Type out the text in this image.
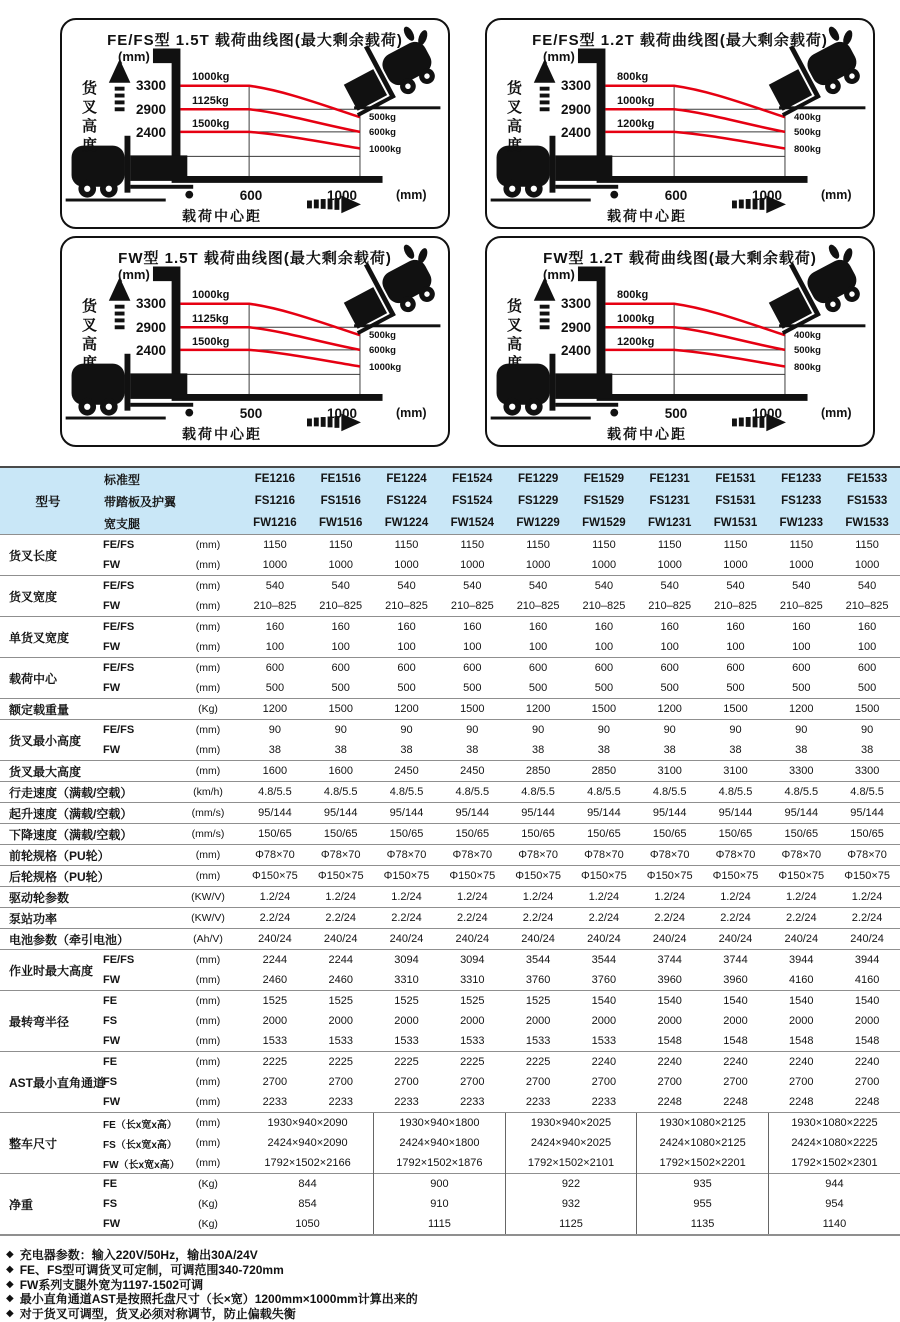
FE/FS型 1.5T 载荷曲线图(最大剩余载荷)
货叉高度
(mm)
3300
2900
2400
1000kg
1125kg
1500kg
500kg
600kg
1000kg
600	1000	(mm)
载荷中心距
FE/FS型 1.2T 载荷曲线图(最大剩余载荷)
货叉高度
(mm)
3300
2900
2400
800kg
1000kg
1200kg
400kg
500kg
800kg
600	1000	(mm)
载荷中心距
FW型 1.5T 载荷曲线图(最大剩余载荷)
货叉高度
(mm)
3300
2900
2400
1000kg
1125kg
1500kg
500kg
600kg
1000kg
500	1000	(mm)
载荷中心距
FW型 1.2T 载荷曲线图(最大剩余载荷)
货叉高度
(mm)
3300
2900
2400
800kg
1000kg
1200kg
400kg
500kg
800kg
500	1000	(mm)
载荷中心距
型号	标准型		FE1216	FE1516	FE1224	FE1524	FE1229	FE1529	FE1231	FE1531	FE1233	FE1533
	带踏板及护翼		FS1216	FS1516	FS1224	FS1524	FS1229	FS1529	FS1231	FS1531	FS1233	FS1533
	宽支腿		FW1216	FW1516	FW1224	FW1524	FW1229	FW1529	FW1231	FW1531	FW1233	FW1533
货叉长度	FE/FS	(mm)	1150	1150	1150	1150	1150	1150	1150	1150	1150	1150
	FW	(mm)	1000	1000	1000	1000	1000	1000	1000	1000	1000	1000
货叉宽度	FE/FS	(mm)	540	540	540	540	540	540	540	540	540	540
	FW	(mm)	210–825	210–825	210–825	210–825	210–825	210–825	210–825	210–825	210–825	210–825
单货叉宽度	FE/FS	(mm)	160	160	160	160	160	160	160	160	160	160
	FW	(mm)	100	100	100	100	100	100	100	100	100	100
载荷中心	FE/FS	(mm)	600	600	600	600	600	600	600	600	600	600
	FW	(mm)	500	500	500	500	500	500	500	500	500	500
额定载重量		(Kg)	1200	1500	1200	1500	1200	1500	1200	1500	1200	1500
货叉最小高度	FE/FS	(mm)	90	90	90	90	90	90	90	90	90	90
	FW	(mm)	38	38	38	38	38	38	38	38	38	38
货叉最大高度		(mm)	1600	1600	2450	2450	2850	2850	3100	3100	3300	3300
行走速度（满载/空载）		(km/h)	4.8/5.5	4.8/5.5	4.8/5.5	4.8/5.5	4.8/5.5	4.8/5.5	4.8/5.5	4.8/5.5	4.8/5.5	4.8/5.5
起升速度（满载/空载）		(mm/s)	95/144	95/144	95/144	95/144	95/144	95/144	95/144	95/144	95/144	95/144
下降速度（满载/空载）		(mm/s)	150/65	150/65	150/65	150/65	150/65	150/65	150/65	150/65	150/65	150/65
前轮规格（PU轮）		(mm)	Φ78×70	Φ78×70	Φ78×70	Φ78×70	Φ78×70	Φ78×70	Φ78×70	Φ78×70	Φ78×70	Φ78×70
后轮规格（PU轮）		(mm)	Φ150×75	Φ150×75	Φ150×75	Φ150×75	Φ150×75	Φ150×75	Φ150×75	Φ150×75	Φ150×75	Φ150×75
驱动轮参数		(KW/V)	1.2/24	1.2/24	1.2/24	1.2/24	1.2/24	1.2/24	1.2/24	1.2/24	1.2/24	1.2/24
泵站功率		(KW/V)	2.2/24	2.2/24	2.2/24	2.2/24	2.2/24	2.2/24	2.2/24	2.2/24	2.2/24	2.2/24
电池参数（牵引电池）		(Ah/V)	240/24	240/24	240/24	240/24	240/24	240/24	240/24	240/24	240/24	240/24
作业时最大高度	FE/FS	(mm)	2244	2244	3094	3094	3544	3544	3744	3744	3944	3944
	FW	(mm)	2460	2460	3310	3310	3760	3760	3960	3960	4160	4160
最转弯半径	FE	(mm)	1525	1525	1525	1525	1525	1540	1540	1540	1540	1540
	FS	(mm)	2000	2000	2000	2000	2000	2000	2000	2000	2000	2000
	FW	(mm)	1533	1533	1533	1533	1533	1533	1548	1548	1548	1548
AST最小直角通道	FE	(mm)	2225	2225	2225	2225	2225	2240	2240	2240	2240	2240
	FS	(mm)	2700	2700	2700	2700	2700	2700	2700	2700	2700	2700
	FW	(mm)	2233	2233	2233	2233	2233	2233	2248	2248	2248	2248
整车尺寸	FE（长x宽x高）	(mm)	1930×940×2090		1930×940×1800		1930×940×2025		1930×1080×2125		1930×1080×2225	
	FS（长x宽x高）	(mm)	2424×940×2090		2424×940×1800		2424×940×2025		2424×1080×2125		2424×1080×2225	
	FW（长x宽x高）	(mm)	1792×1502×2166		1792×1502×1876		1792×1502×2101		1792×1502×2201		1792×1502×2301	
净重	FE	(Kg)	844		900		922		935		944	
	FS	(Kg)	854		910		932		955		954	
	FW	(Kg)	1050		1115		1125		1135		1140	
◆ 充电器参数：输入220V/50Hz，输出30A/24V
◆ FE、FS型可调货叉可定制，可调范围340-720mm
◆ FW系列支腿外宽为1197-1502可调
◆ 最小直角通道AST是按照托盘尺寸（长×宽）1200mm×1000mm计算出来的
◆ 对于货叉可调型，货叉必须对称调节，防止偏载失衡
